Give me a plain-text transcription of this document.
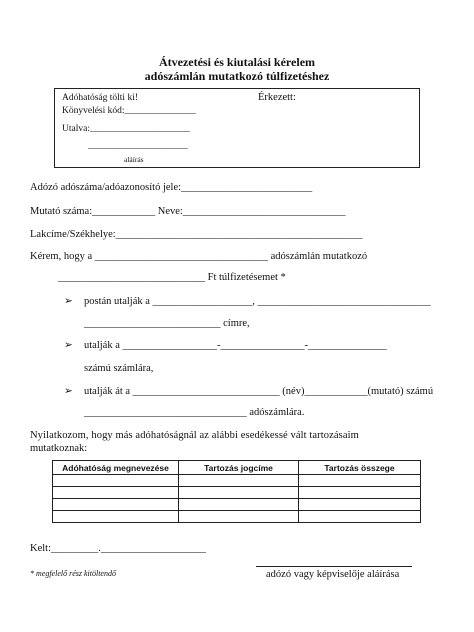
Átvezetési és kiutalási kérelem
adószámlán mutatkozó túlfizetéshez
Adóhatóság tölti ki!	Érkezett:
Könyvelési kód:_______________
Utalva:_____________________
_____________________
aláírás
Adózó adószáma/adóazonosító jele:_________________________
Mutató száma:____________ Neve:_______________________________
Lakcíme/Székhelye:_______________________________________________
Kérem, hogy a _________________________________ adószámlán mutatkozó
____________________________ Ft túlfizetésemet *
➢ postán utalják a ___________________, _________________________________
__________________________ címre,
➢ utalják a __________________-________________-_______________
számú számlára,
➢ utalják át a ____________________________ (név)____________(mutató) számú
_______________________________ adószámlára.
Nyilatkozom, hogy más adóhatóságnál az alábbi esedékessé vált tartozásaim
mutatkoznak:
Adóhatóság megnevezése	Tartozás jogcíme	Tartozás összege

Kelt:_________.____________________
* megfelelő rész kitöltendő	adózó vagy képviselője aláírása
